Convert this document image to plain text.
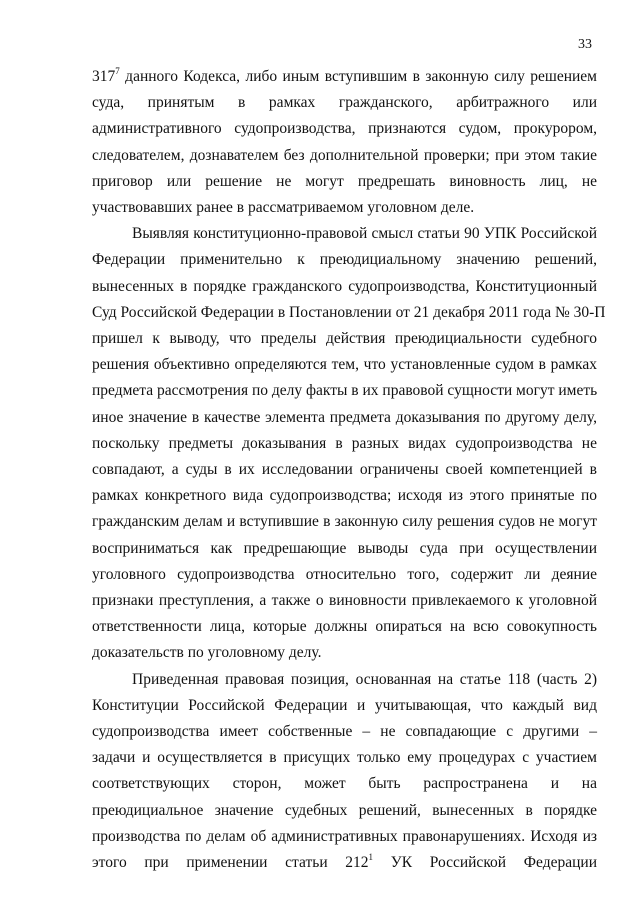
33

$317^7$ данного Кодекса, либо иным вступившим в законную силу решением
суда, принятым в рамках гражданского, арбитражного или
административного судопроизводства, признаются судом, прокурором,
следователем, дознавателем без дополнительной проверки; при этом такие
приговор или решение не могут предрешать виновность лиц, не
участвовавших ранее в рассматриваемом уголовном деле.

Выявляя конституционно-правовой смысл статьи 90 УПК Российской
Федерации применительно к преюдициальному значению решений,
вынесенных в порядке гражданского судопроизводства, Конституционный
Суд Российской Федерации в Постановлении от 21 декабря 2011 года № 30-П
пришел к выводу, что пределы действия преюдициальности судебного
решения объективно определяются тем, что установленные судом в рамках
предмета рассмотрения по делу факты в их правовой сущности могут иметь
иное значение в качестве элемента предмета доказывания по другому делу,
поскольку предметы доказывания в разных видах судопроизводства не
совпадают, а суды в их исследовании ограничены своей компетенцией в
рамках конкретного вида судопроизводства; исходя из этого принятые по
гражданским делам и вступившие в законную силу решения судов не могут
восприниматься как предрешающие выводы суда при осуществлении
уголовного судопроизводства относительно того, содержит ли деяние
признаки преступления, а также о виновности привлекаемого к уголовной
ответственности лица, которые должны опираться на всю совокупность
доказательств по уголовному делу.

Приведенная правовая позиция, основанная на статье 118 (часть 2)
Конституции Российской Федерации и учитывающая, что каждый вид
судопроизводства имеет собственные – не совпадающие с другими –
задачи и осуществляется в присущих только ему процедурах с участием
соответствующих сторон, может быть распространена и на
преюдициальное значение судебных решений, вынесенных в порядке
производства по делам об административных правонарушениях. Исходя из
этого при применении статьи $212^1$ УК Российской Федерации
